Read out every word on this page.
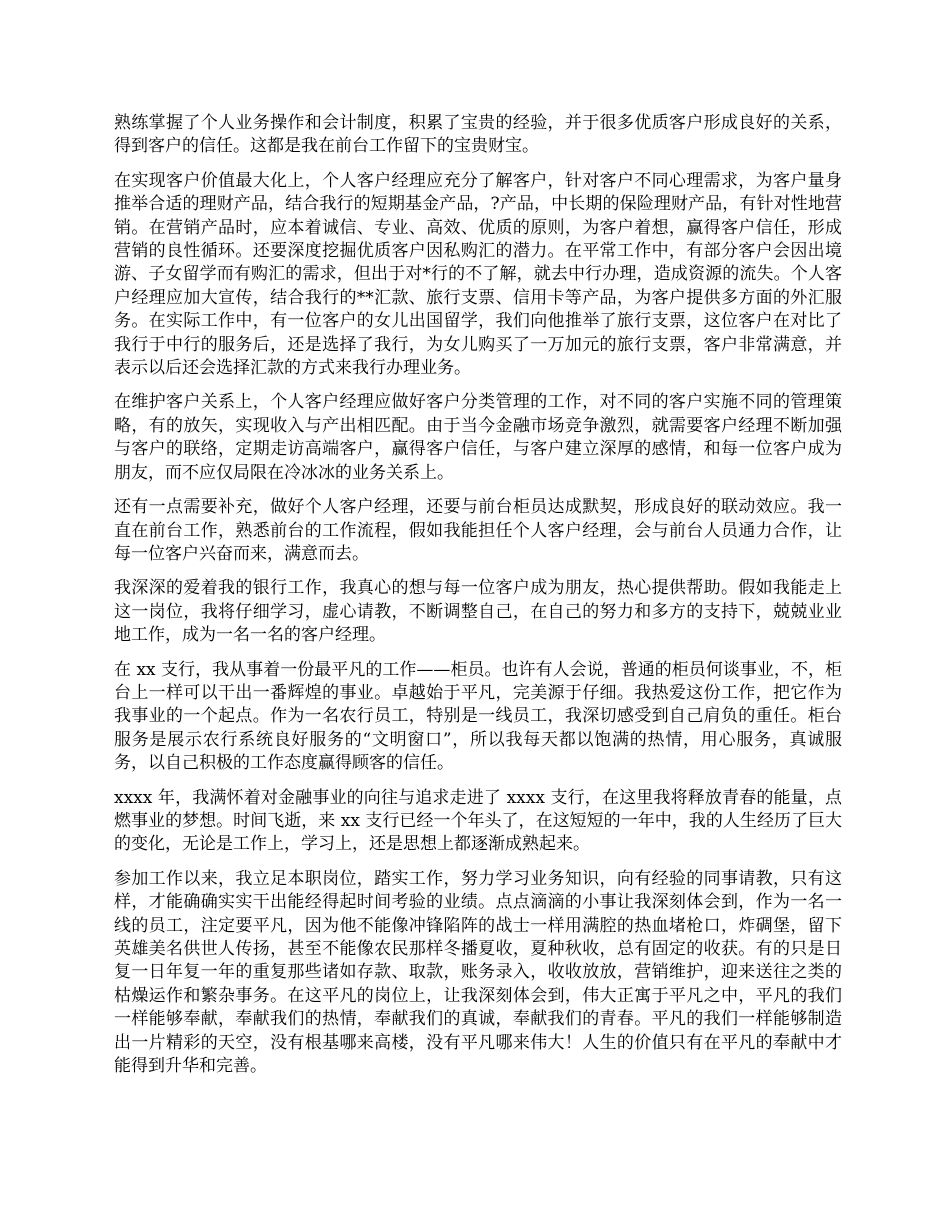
熟练掌握了个人业务操作和会计制度，积累了宝贵的经验，并于很多优质客户形成良好的关系，得到客户的信任。这都是我在前台工作留下的宝贵财宝。

在实现客户价值最大化上，个人客户经理应充分了解客户，针对客户不同心理需求，为客户量身推举合适的理财产品，结合我行的短期基金产品，?产品，中长期的保险理财产品，有针对性地营销。在营销产品时，应本着诚信、专业、高效、优质的原则，为客户着想，赢得客户信任，形成营销的良性循环。还要深度挖掘优质客户因私购汇的潜力。在平常工作中，有部分客户会因出境游、子女留学而有购汇的需求，但出于对*行的不了解，就去中行办理，造成资源的流失。个人客户经理应加大宣传，结合我行的**汇款、旅行支票、信用卡等产品，为客户提供多方面的外汇服务。在实际工作中，有一位客户的女儿出国留学，我们向他推举了旅行支票，这位客户在对比了我行于中行的服务后，还是选择了我行，为女儿购买了一万加元的旅行支票，客户非常满意，并表示以后还会选择汇款的方式来我行办理业务。

在维护客户关系上，个人客户经理应做好客户分类管理的工作，对不同的客户实施不同的管理策略，有的放矢，实现收入与产出相匹配。由于当今金融市场竞争激烈，就需要客户经理不断加强与客户的联络，定期走访高端客户，赢得客户信任，与客户建立深厚的感情，和每一位客户成为朋友，而不应仅局限在冷冰冰的业务关系上。

还有一点需要补充，做好个人客户经理，还要与前台柜员达成默契，形成良好的联动效应。我一直在前台工作，熟悉前台的工作流程，假如我能担任个人客户经理，会与前台人员通力合作，让每一位客户兴奋而来，满意而去。

我深深的爱着我的银行工作，我真心的想与每一位客户成为朋友，热心提供帮助。假如我能走上这一岗位，我将仔细学习，虚心请教，不断调整自己，在自己的努力和多方的支持下，兢兢业业地工作，成为一名一名的客户经理。

在 xx 支行，我从事着一份最平凡的工作——柜员。也许有人会说，普通的柜员何谈事业，不，柜台上一样可以干出一番辉煌的事业。卓越始于平凡，完美源于仔细。我热爱这份工作，把它作为我事业的一个起点。作为一名农行员工，特别是一线员工，我深切感受到自己肩负的重任。柜台服务是展示农行系统良好服务的“文明窗口”，所以我每天都以饱满的热情，用心服务，真诚服务，以自己积极的工作态度赢得顾客的信任。

xxxx 年，我满怀着对金融事业的向往与追求走进了 xxxx 支行，在这里我将释放青春的能量，点燃事业的梦想。时间飞逝，来 xx 支行已经一个年头了，在这短短的一年中，我的人生经历了巨大的变化，无论是工作上，学习上，还是思想上都逐渐成熟起来。

参加工作以来，我立足本职岗位，踏实工作，努力学习业务知识，向有经验的同事请教，只有这样，才能确确实实干出能经得起时间考验的业绩。点点滴滴的小事让我深刻体会到，作为一名一线的员工，注定要平凡，因为他不能像冲锋陷阵的战士一样用满腔的热血堵枪口，炸碉堡，留下英雄美名供世人传扬，甚至不能像农民那样冬播夏收，夏种秋收，总有固定的收获。有的只是日复一日年复一年的重复那些诸如存款、取款，账务录入，收收放放，营销维护，迎来送往之类的枯燥运作和繁杂事务。在这平凡的岗位上，让我深刻体会到，伟大正寓于平凡之中，平凡的我们一样能够奉献，奉献我们的热情，奉献我们的真诚，奉献我们的青春。平凡的我们一样能够制造出一片精彩的天空，没有根基哪来高楼，没有平凡哪来伟大！人生的价值只有在平凡的奉献中才能得到升华和完善。
